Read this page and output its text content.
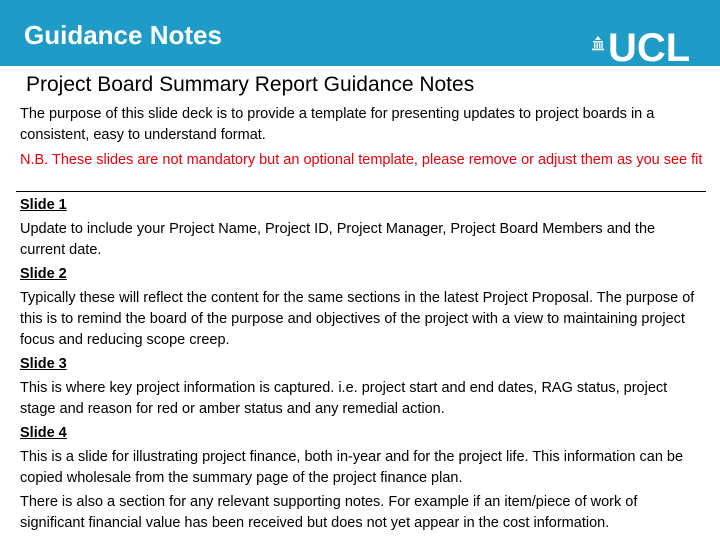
Guidance Notes	UCL
Project Board Summary Report Guidance Notes

The purpose of this slide deck is to provide a template for presenting updates to project boards in a consistent, easy to understand format.

N.B. These slides are not mandatory but an optional template, please remove or adjust them as you see fit

Slide 1

Update to include your Project Name, Project ID, Project Manager, Project Board Members and the current date.

Slide 2

Typically these will reflect the content for the same sections in the latest Project Proposal. The purpose of this is to remind the board of the purpose and objectives of the project with a view to maintaining project focus and reducing scope creep.

Slide 3

This is where key project information is captured. i.e. project start and end dates, RAG status, project stage and reason for red or amber status and any remedial action.

Slide 4

This is a slide for illustrating project finance, both in-year and for the project life. This information can be copied wholesale from the summary page of the project finance plan.

There is also a section for any relevant supporting notes. For example if an item/piece of work of significant financial value has been received but does not yet appear in the cost information.
